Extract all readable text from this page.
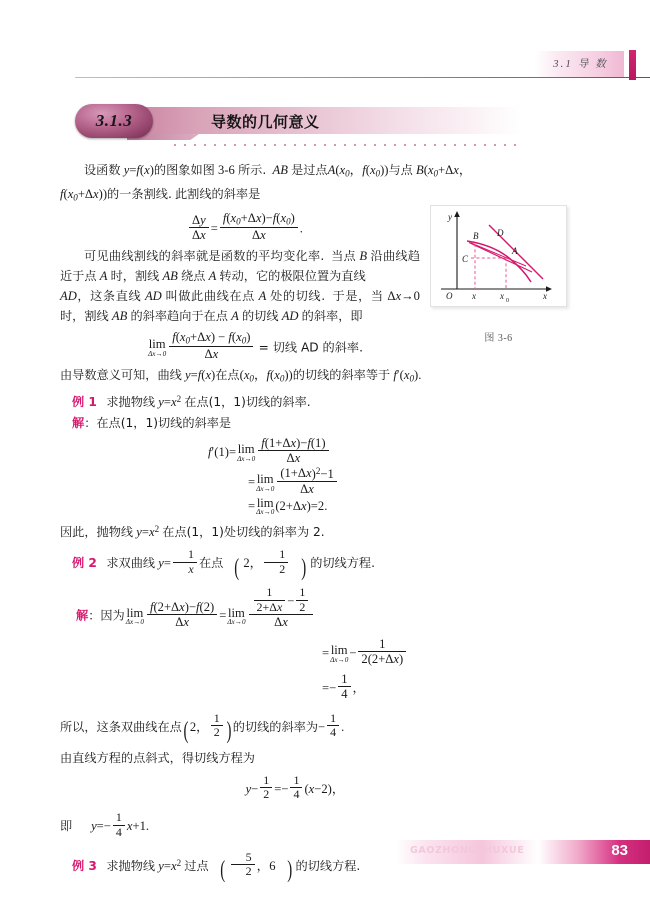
3.1 导 数
3.1.3	导数的几何意义
y
x
O x	x 0
B
A
C
D
图 3-6

设函数 y=f(x)的图象如图 3-6 所示. AB 是过点$A(x_0$，$f(x_0)$)与点 $B(x_0+\Delta x$，
$f(x_0+\Delta x)$)的一条割线. 此割线的斜率是

$\frac{\Delta y}{\Delta x} = \frac{f(x_0+\Delta x)-f(x_0)}{\Delta x}$ .

可见曲线割线的斜率就是函数的平均变化率. 当点 B 沿曲线趋近于点 A 时，割线 AB 绕点 A 转动，它的极限位置为直线
AD，这条直线 AD 叫做此曲线在点 A 处的切线. 于是，当 Δx→0时，割线 AB 的斜率趋向于在点 A 的切线 AD 的斜率，即

lim
$\Delta x\to 0 \frac{f(x_0+\Delta x) - f(x_0)}{\Delta x}$ = 切线 AD 的斜率.

由导数意义可知，曲线 y=f(x)在点($x_0$，$f(x_0)$)的切线的斜率等于 $f'(x_0)$.

例 1 求抛物线 $y=x^2$ 在点(1，1)切线的斜率.

解：在点(1，1)切线的斜率是

f′(1)= lim
$\Delta x\to 0 \frac{f(1+\Delta x)-f(1)}{\Delta x}$
= lim
$\Delta x\to 0 \frac{(1+\Delta x)^2-1}{\Delta x}$
= lim
Δx→0 (2+Δx)=2.

因此，抛物线 $y=x^2$ 在点(1，1)处切线的斜率为 2.

例 2 求双曲线 $y= \frac{1}{x}$ 在点 ( 2， $\frac{1}{2}$ ) 的切线方程.

解：因为 lim
$\Delta x\to 0 \frac{f(2+\Delta x)-f(2)}{\Delta x} = \lim$
$\Delta x\to 0 \frac{\frac{1}{2+\Delta x} - \frac{1}{2}}{\Delta x}$
= lim
$\Delta x\to 0 - \frac{1}{2(2+\Delta x)}$
=− $\frac{1}{4}$ ，

所以，这条双曲线在点( 2， $\frac{1}{2}$ ) 的切线的斜率为− $\frac{1}{4}$ .

由直线方程的点斜式，得切线方程为

$y- \frac{1}{2} =- \frac{1}{4} (x-2)$，

即 $y=- \frac{1}{4} x+1$.

例 3 求抛物线 $y=x^2$ 过点 ( $\frac{5}{2}$ ，6 ) 的切线方程.

GAOZHONGSHUXUE	83
